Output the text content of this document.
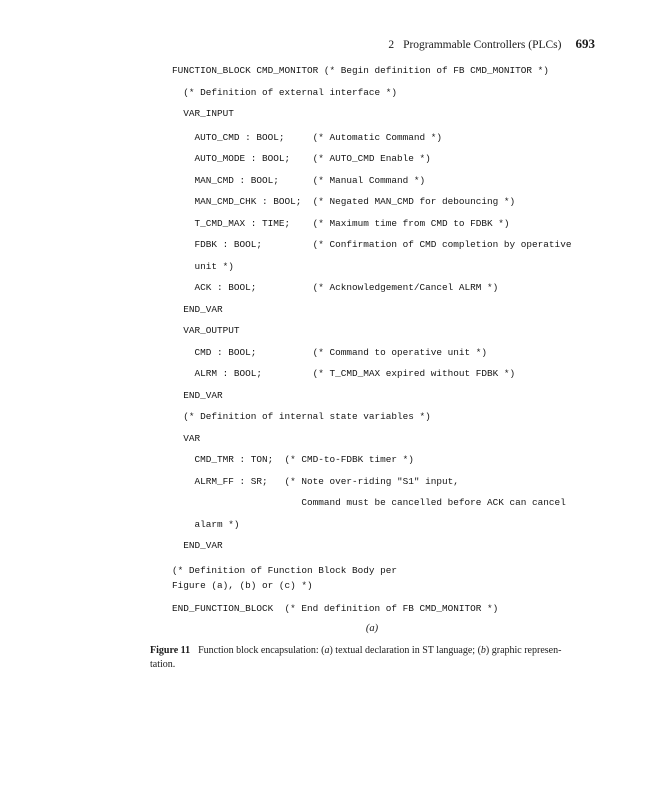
2 Programmable Controllers (PLCs) 693
FUNCTION_BLOCK CMD_MONITOR (* Begin definition of FB CMD_MONITOR *)
(* Definition of external interface *)
VAR_INPUT
AUTO_CMD : BOOL;     (* Automatic Command *)
AUTO_MODE : BOOL;    (* AUTO_CMD Enable *)
MAN_CMD : BOOL;      (* Manual Command *)
MAN_CMD_CHK : BOOL;  (* Negated MAN_CMD for debouncing *)
T_CMD_MAX : TIME;    (* Maximum time from CMD to FDBK *)
FDBK : BOOL;         (* Confirmation of CMD completion by operative
unit *)
ACK : BOOL;          (* Acknowledgement/Cancel ALRM *)
END_VAR
VAR_OUTPUT
CMD : BOOL;          (* Command to operative unit *)
ALRM : BOOL;         (* T_CMD_MAX expired without FDBK *)
END_VAR
(* Definition of internal state variables *)
VAR
CMD_TMR : TON;  (* CMD-to-FDBK timer *)
ALRM_FF : SR;   (* Note over-riding "S1" input,
Command must be cancelled before ACK can cancel
alarm *)
END_VAR
(* Definition of Function Block Body per
Figure (a), (b) or (c) *)
END_FUNCTION_BLOCK  (* End definition of FB CMD_MONITOR *)
(a)
Figure 11 Function block encapsulation: (a) textual declaration in ST language; (b) graphic represen-
tation.
